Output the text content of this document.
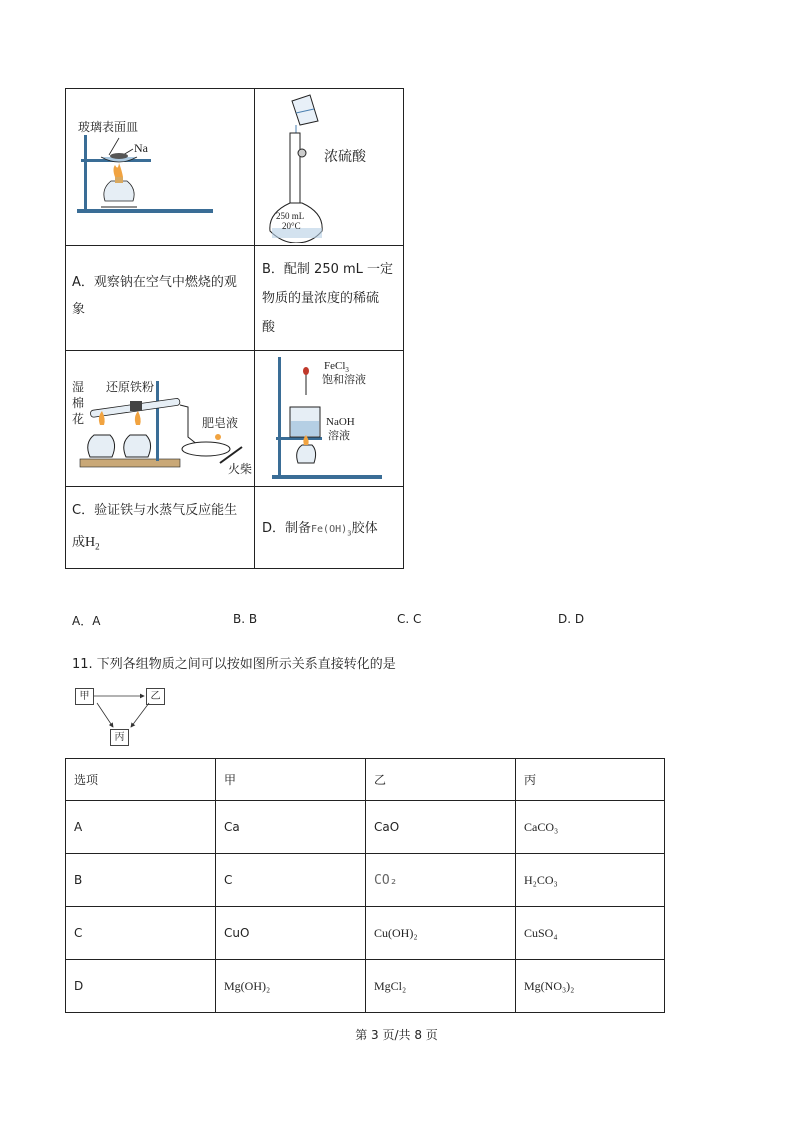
玻璃表面皿
Na
浓硫酸
250 mL
20°C
A．观察钠在空气中燃烧的观
象
B．配制 250 mL 一定
物质的量浓度的稀硫
酸
湿
棉
花
还原铁粉
肥皂液
火柴
FeCl$_3$
饱和溶液
NaOH
溶液
C．验证铁与水蒸气反应能生
成$H_2$
D．制备$Fe(OH)_3$胶体
A．A	B. B	C. C	D. D
11. 下列各组物质之间可以按如图所示关系直接转化的是
甲	乙
丙
选项	甲	乙	丙
A	Ca	CaO	CaCO₃
B	C	CO₂	H₂CO₃
C	CuO	Cu(OH)₂	CuSO₄
D	Mg(OH)₂	MgCl₂	Mg(NO₃)₂
第 3 页/共 8 页
